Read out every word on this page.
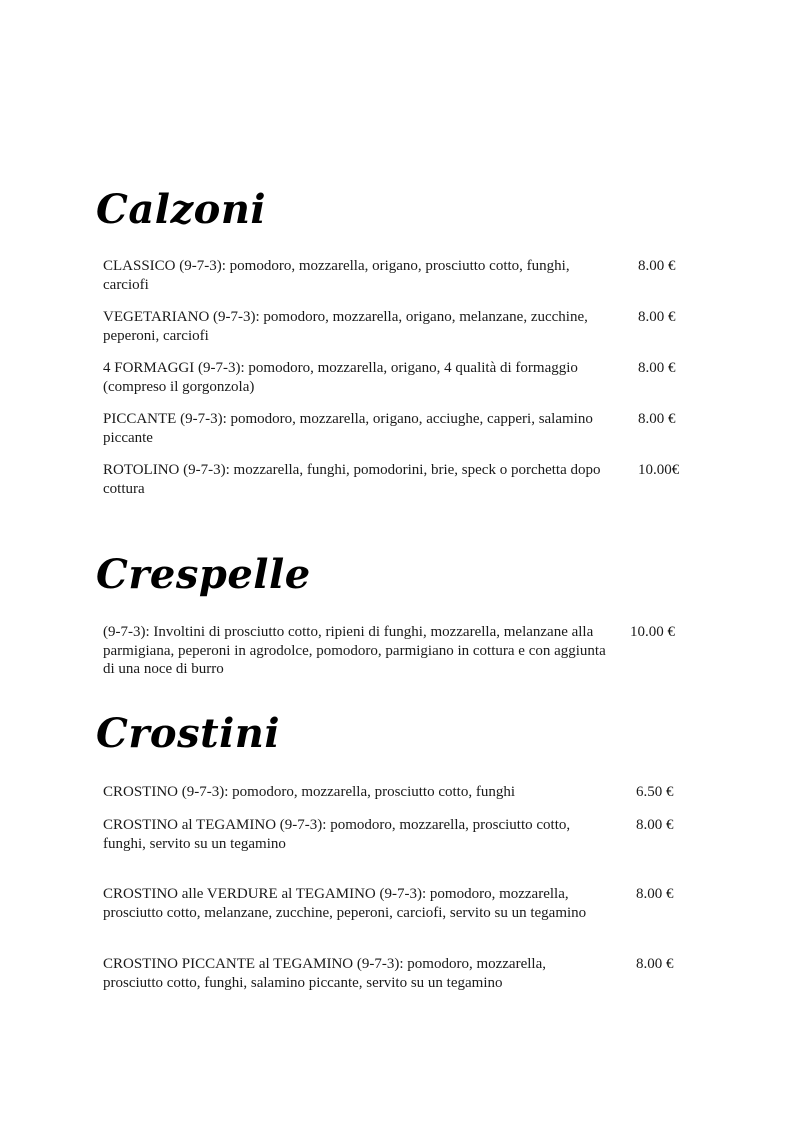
Calzoni
CLASSICO (9-7-3): pomodoro, mozzarella, origano, prosciutto cotto, funghi, carciofi
8.00 €
VEGETARIANO (9-7-3): pomodoro, mozzarella, origano, melanzane, zucchine, peperoni, carciofi
8.00 €
4 FORMAGGI (9-7-3): pomodoro, mozzarella, origano, 4 qualità di formaggio (compreso il gorgonzola)
8.00 €
PICCANTE (9-7-3): pomodoro, mozzarella, origano, acciughe, capperi, salamino piccante
8.00 €
ROTOLINO (9-7-3): mozzarella, funghi, pomodorini, brie, speck o porchetta dopo cottura
10.00€
Crespelle
(9-7-3): Involtini di prosciutto cotto, ripieni di funghi, mozzarella, melanzane alla parmigiana, peperoni in agrodolce, pomodoro, parmigiano in cottura e con aggiunta di una noce di burro
10.00 €
Crostini
CROSTINO (9-7-3): pomodoro, mozzarella, prosciutto cotto, funghi	6.50 €
CROSTINO al TEGAMINO (9-7-3): pomodoro, mozzarella, prosciutto cotto, funghi, servito su un tegamino
8.00 €
CROSTINO alle VERDURE al TEGAMINO (9-7-3): pomodoro, mozzarella, prosciutto cotto, melanzane, zucchine, peperoni, carciofi, servito su un tegamino
8.00 €
CROSTINO PICCANTE al TEGAMINO (9-7-3): pomodoro, mozzarella, prosciutto cotto, funghi, salamino piccante, servito su un tegamino
8.00 €
